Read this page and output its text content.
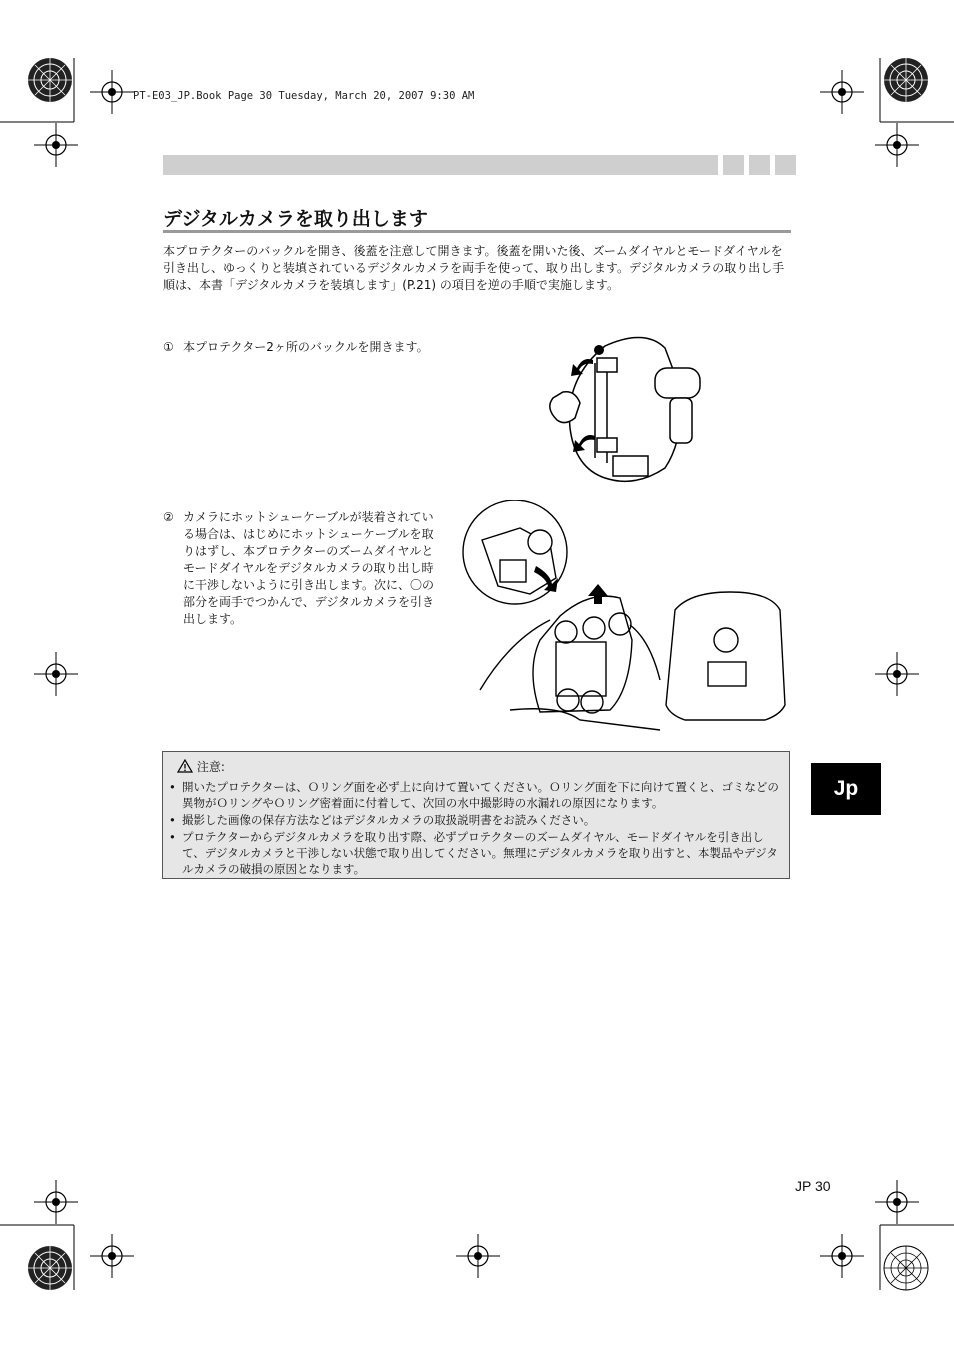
PT-E03_JP.Book Page 30 Tuesday, March 20, 2007 9:30 AM
デジタルカメラを取り出します
本プロテクターのバックルを開き、後蓋を注意して開きます。後蓋を開いた後、ズームダイヤルとモードダイヤルを引き出し、ゆっくりと装填されているデジタルカメラを両手を使って、取り出します。デジタルカメラの取り出し手順は、本書「デジタルカメラを装填します」(P.21) の項目を逆の手順で実施します。
① 本プロテクター2ヶ所のバックルを開きます。
② カメラにホットシューケーブルが装着されている場合は、はじめにホットシューケーブルを取りはずし、本プロテクターのズームダイヤルとモードダイヤルをデジタルカメラの取り出し時に干渉しないように引き出します。次に、〇の部分を両手でつかんで、デジタルカメラを引き出します。
注意:
• 開いたプロテクターは、Ｏリング面を必ず上に向けて置いてください。Ｏリング面を下に向けて置くと、ゴミなどの異物がＯリングやＯリング密着面に付着して、次回の水中撮影時の水漏れの原因になります。
• 撮影した画像の保存方法などはデジタルカメラの取扱説明書をお読みください。
• プロテクターからデジタルカメラを取り出す際、必ずプロテクターのズームダイヤル、モードダイヤルを引き出して、デジタルカメラと干渉しない状態で取り出してください。無理にデジタルカメラを取り出すと、本製品やデジタルカメラの破損の原因となります。
Jp
JP 30
